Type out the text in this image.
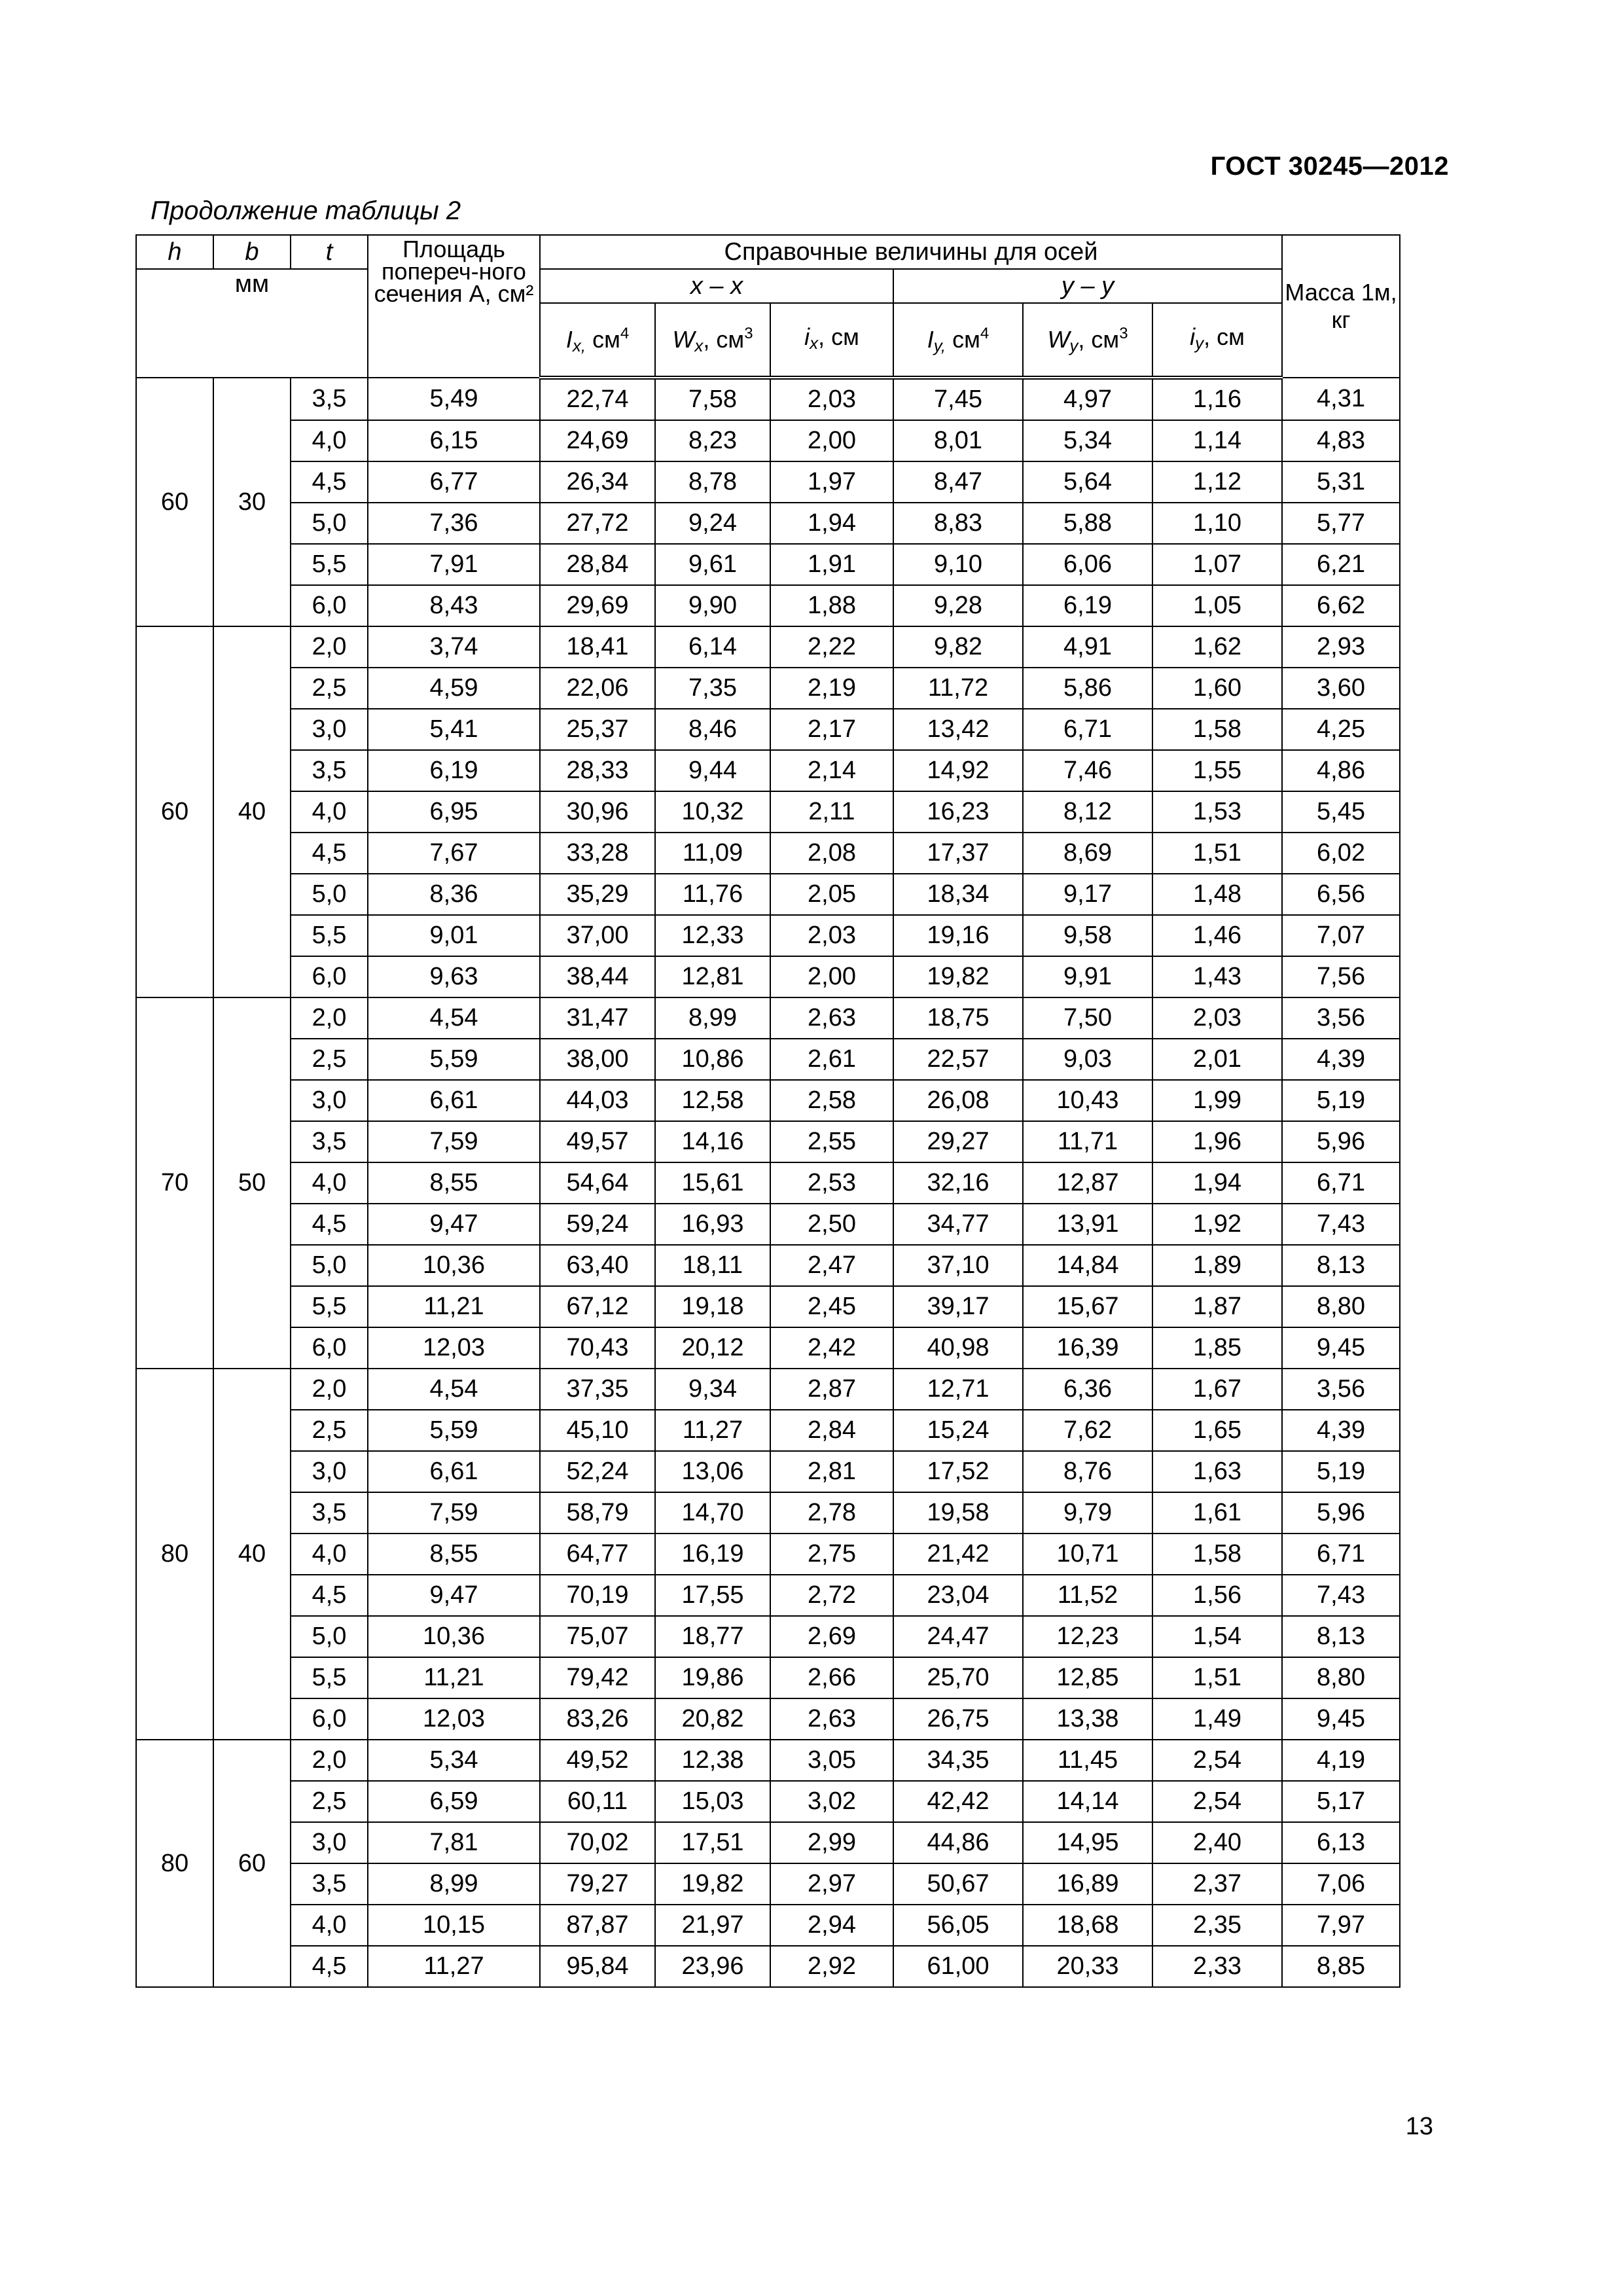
ГОСТ 30245—2012
Продолжение таблицы 2
h	b	t	Площадь попереч-ного сечения A, см²	Справочные величины для осей						Масса 1м, кг
мм				x – x			y – y			
				$I_{x,}$ $см^4$	$W_x$, $см^3$	$i_x$, см	$I_{y,}$ $см^4$	$W_y$, $см^3$	$i_y$, см	
60	30	3,5	5,49	22,74	7,58	2,03	7,45	4,97	1,16	4,31
		4,0	6,15	24,69	8,23	2,00	8,01	5,34	1,14	4,83
		4,5	6,77	26,34	8,78	1,97	8,47	5,64	1,12	5,31
		5,0	7,36	27,72	9,24	1,94	8,83	5,88	1,10	5,77
		5,5	7,91	28,84	9,61	1,91	9,10	6,06	1,07	6,21
		6,0	8,43	29,69	9,90	1,88	9,28	6,19	1,05	6,62
60	40	2,0	3,74	18,41	6,14	2,22	9,82	4,91	1,62	2,93
		2,5	4,59	22,06	7,35	2,19	11,72	5,86	1,60	3,60
		3,0	5,41	25,37	8,46	2,17	13,42	6,71	1,58	4,25
		3,5	6,19	28,33	9,44	2,14	14,92	7,46	1,55	4,86
		4,0	6,95	30,96	10,32	2,11	16,23	8,12	1,53	5,45
		4,5	7,67	33,28	11,09	2,08	17,37	8,69	1,51	6,02
		5,0	8,36	35,29	11,76	2,05	18,34	9,17	1,48	6,56
		5,5	9,01	37,00	12,33	2,03	19,16	9,58	1,46	7,07
		6,0	9,63	38,44	12,81	2,00	19,82	9,91	1,43	7,56
70	50	2,0	4,54	31,47	8,99	2,63	18,75	7,50	2,03	3,56
		2,5	5,59	38,00	10,86	2,61	22,57	9,03	2,01	4,39
		3,0	6,61	44,03	12,58	2,58	26,08	10,43	1,99	5,19
		3,5	7,59	49,57	14,16	2,55	29,27	11,71	1,96	5,96
		4,0	8,55	54,64	15,61	2,53	32,16	12,87	1,94	6,71
		4,5	9,47	59,24	16,93	2,50	34,77	13,91	1,92	7,43
		5,0	10,36	63,40	18,11	2,47	37,10	14,84	1,89	8,13
		5,5	11,21	67,12	19,18	2,45	39,17	15,67	1,87	8,80
		6,0	12,03	70,43	20,12	2,42	40,98	16,39	1,85	9,45
80	40	2,0	4,54	37,35	9,34	2,87	12,71	6,36	1,67	3,56
		2,5	5,59	45,10	11,27	2,84	15,24	7,62	1,65	4,39
		3,0	6,61	52,24	13,06	2,81	17,52	8,76	1,63	5,19
		3,5	7,59	58,79	14,70	2,78	19,58	9,79	1,61	5,96
		4,0	8,55	64,77	16,19	2,75	21,42	10,71	1,58	6,71
		4,5	9,47	70,19	17,55	2,72	23,04	11,52	1,56	7,43
		5,0	10,36	75,07	18,77	2,69	24,47	12,23	1,54	8,13
		5,5	11,21	79,42	19,86	2,66	25,70	12,85	1,51	8,80
		6,0	12,03	83,26	20,82	2,63	26,75	13,38	1,49	9,45
80	60	2,0	5,34	49,52	12,38	3,05	34,35	11,45	2,54	4,19
		2,5	6,59	60,11	15,03	3,02	42,42	14,14	2,54	5,17
		3,0	7,81	70,02	17,51	2,99	44,86	14,95	2,40	6,13
		3,5	8,99	79,27	19,82	2,97	50,67	16,89	2,37	7,06
		4,0	10,15	87,87	21,97	2,94	56,05	18,68	2,35	7,97
		4,5	11,27	95,84	23,96	2,92	61,00	20,33	2,33	8,85
13
